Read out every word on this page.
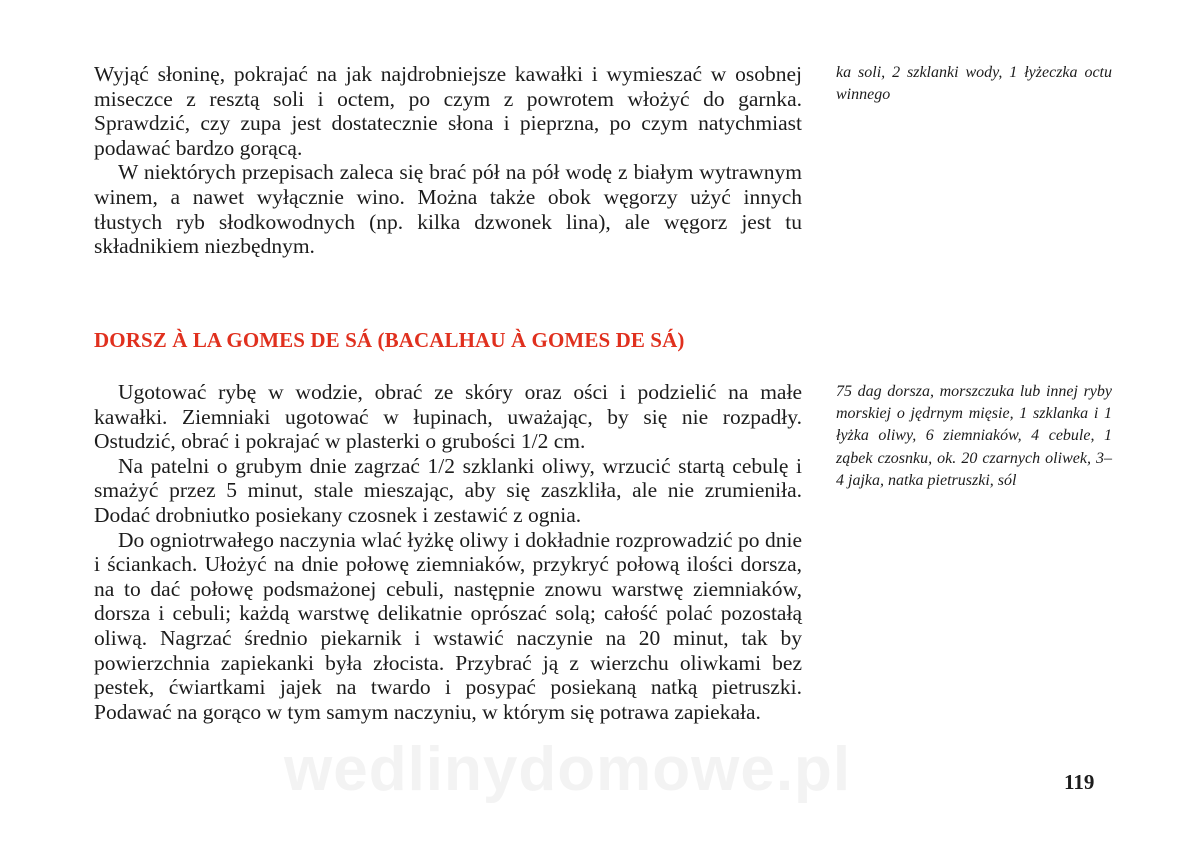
Wyjąć słoninę, pokrajać na jak najdrobniejsze kawałki i wymieszać w osobnej miseczce z resztą soli i octem, po czym z powrotem włożyć do garnka. Sprawdzić, czy zupa jest dostatecznie słona i pieprzna, po czym natychmiast podawać bardzo gorącą.

W niektórych przepisach zaleca się brać pół na pół wodę z białym wytrawnym winem, a nawet wyłącznie wino. Można także obok węgorzy użyć innych tłustych ryb słodkowodnych (np. kilka dzwonek lina), ale węgorz jest tu składnikiem niezbędnym.

ka soli, 2 szklanki wody, 1 łyżeczka octu winnego

DORSZ À LA GOMES DE SÁ (BACALHAU À GOMES DE SÁ)

Ugotować rybę w wodzie, obrać ze skóry oraz ości i podzielić na małe kawałki. Ziemniaki ugotować w łupinach, uważając, by się nie rozpadły. Ostudzić, obrać i pokrajać w plasterki o grubości 1/2 cm.

Na patelni o grubym dnie zagrzać 1/2 szklanki oliwy, wrzucić startą cebulę i smażyć przez 5 minut, stale mieszając, aby się zaszkliła, ale nie zrumieniła. Dodać drobniutko posiekany czosnek i zestawić z ognia.

Do ogniotrwałego naczynia wlać łyżkę oliwy i dokładnie rozprowadzić po dnie i ściankach. Ułożyć na dnie połowę ziemniaków, przykryć połową ilości dorsza, na to dać połowę podsmażonej cebuli, następnie znowu warstwę ziemniaków, dorsza i cebuli; każdą warstwę delikatnie oprószać solą; całość polać pozostałą oliwą. Nagrzać średnio piekarnik i wstawić naczynie na 20 minut, tak by powierzchnia zapiekanki była złocista. Przybrać ją z wierzchu oliwkami bez pestek, ćwiartkami jajek na twardo i posypać posiekaną natką pietruszki. Podawać na gorąco w tym samym naczyniu, w którym się potrawa zapiekała.

75 dag dorsza, morszczuka lub innej ryby morskiej o jędrnym mięsie, 1 szklanka i 1 łyżka oliwy, 6 ziemniaków, 4 cebule, 1 ząbek czosnku, ok. 20 czarnych oliwek, 3–4 jajka, natka pietruszki, sól

wedlinydomowe.pl	119
